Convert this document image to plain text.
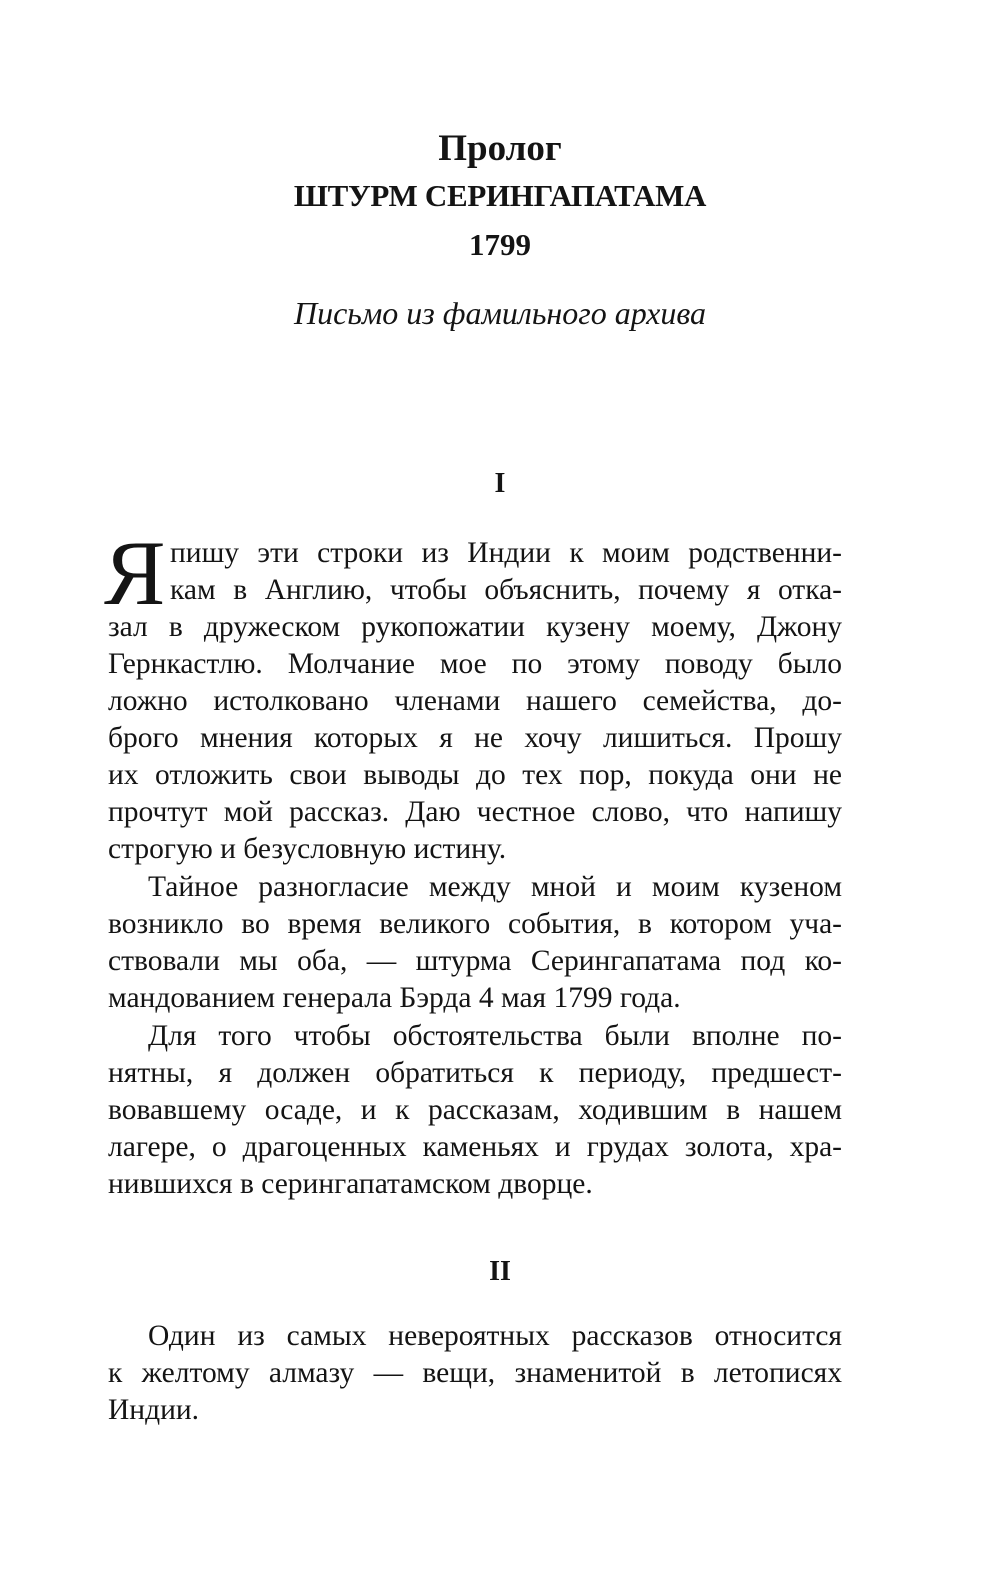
Пролог
ШТУРМ СЕРИНГАПАТАМА
1799
Письмо из фамильного архива
I
Я пишу эти строки из Индии к моим родственни-
кам в Англию, чтобы объяснить, почему я отка-
зал в дружеском рукопожатии кузену моему, Джону
Гернкастлю. Молчание мое по этому поводу было
ложно истолковано членами нашего семейства, до-
брого мнения которых я не хочу лишиться. Прошу
их отложить свои выводы до тех пор, покуда они не
прочтут мой рассказ. Даю честное слово, что напишу
строгую и безусловную истину.
Тайное разногласие между мной и моим кузеном
возникло во время великого события, в котором уча-
ствовали мы оба, — штурма Серингапатама под ко-
мандованием генерала Бэрда 4 мая 1799 года.
Для того чтобы обстоятельства были вполне по-
нятны, я должен обратиться к периоду, предшест-
вовавшему осаде, и к рассказам, ходившим в нашем
лагере, о драгоценных каменьях и грудах золота, хра-
нившихся в серингапатамском дворце.
II
Один из самых невероятных рассказов относится
к желтому алмазу — вещи, знаменитой в летописях
Индии.
